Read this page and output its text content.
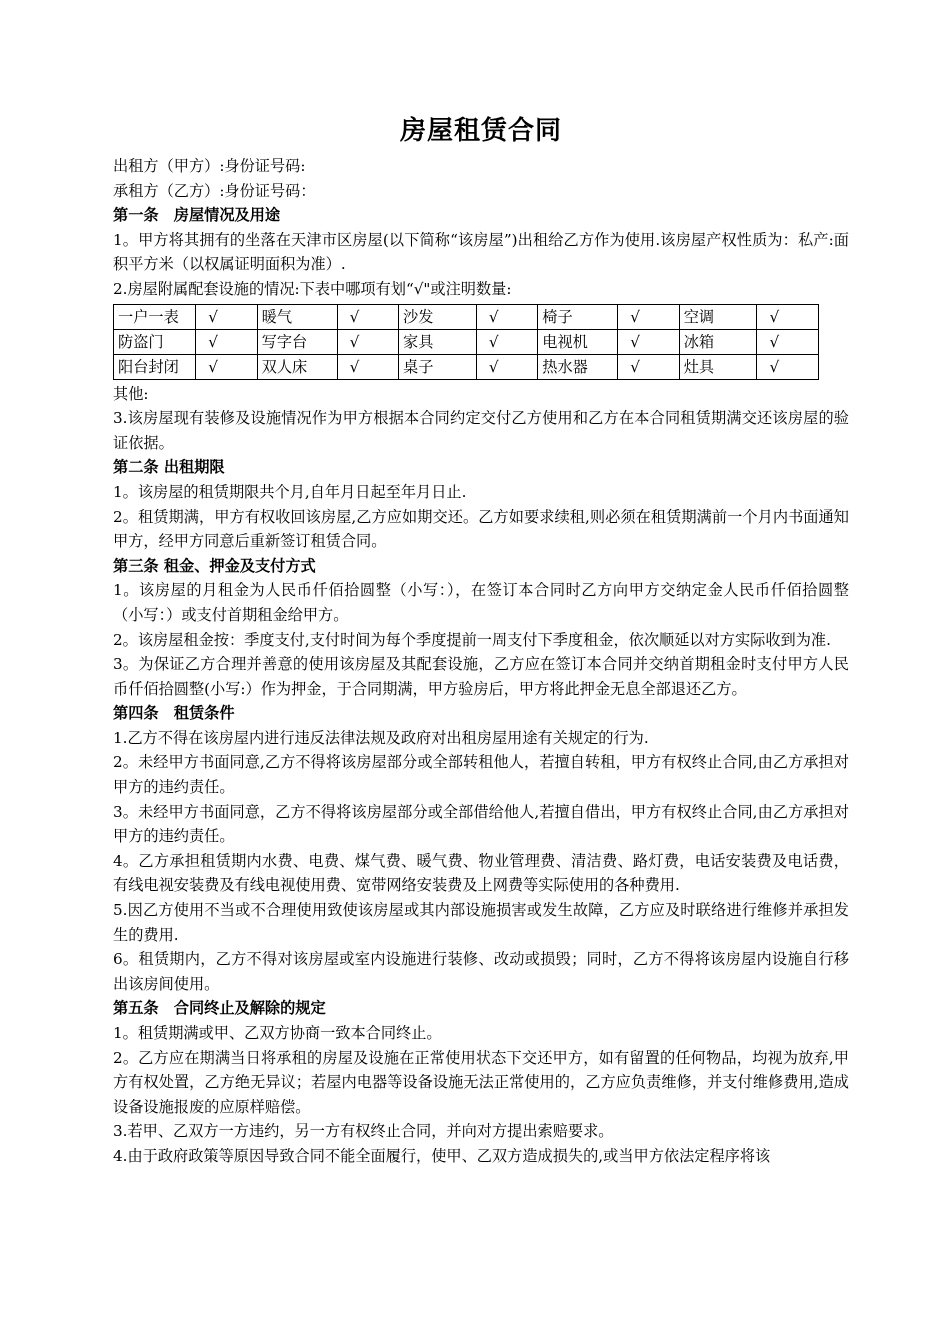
房屋租赁合同

出租方（甲方）:身份证号码:

承租方（乙方）:身份证号码：

第一条　房屋情况及用途

1。甲方将其拥有的坐落在天津市区房屋(以下简称“该房屋”)出租给乙方作为使用.该房屋产权性质为：私产:面积平方米（以权属证明面积为准）.

2.房屋附属配套设施的情况:下表中哪项有划“√"或注明数量:

一户一表	√	暖气	√	沙发	√	椅子	√	空调	√
防盗门	√	写字台	√	家具	√	电视机	√	冰箱	√
阳台封闭	√	双人床	√	桌子	√	热水器	√	灶具	√

其他:

3.该房屋现有装修及设施情况作为甲方根据本合同约定交付乙方使用和乙方在本合同租赁期满交还该房屋的验证依据。

第二条 出租期限

1。该房屋的租赁期限共个月,自年月日起至年月日止.

2。租赁期满，甲方有权收回该房屋,乙方应如期交还。乙方如要求续租,则必须在租赁期满前一个月内书面通知甲方，经甲方同意后重新签订租赁合同。

第三条 租金、押金及支付方式

1。该房屋的月租金为人民币仟佰拾圆整（小写：），在签订本合同时乙方向甲方交纳定金人民币仟佰拾圆整（小写：）或支付首期租金给甲方。

2。该房屋租金按：季度支付,支付时间为每个季度提前一周支付下季度租金，依次顺延以对方实际收到为准.

3。为保证乙方合理并善意的使用该房屋及其配套设施，乙方应在签订本合同并交纳首期租金时支付甲方人民币仟佰拾圆整(小写:）作为押金，于合同期满，甲方验房后，甲方将此押金无息全部退还乙方。

第四条　租赁条件

1.乙方不得在该房屋内进行违反法律法规及政府对出租房屋用途有关规定的行为.

2。未经甲方书面同意,乙方不得将该房屋部分或全部转租他人，若擅自转租，甲方有权终止合同,由乙方承担对甲方的违约责任。

3。未经甲方书面同意，乙方不得将该房屋部分或全部借给他人,若擅自借出，甲方有权终止合同,由乙方承担对甲方的违约责任。

4。乙方承担租赁期内水费、电费、煤气费、暖气费、物业管理费、清洁费、路灯费，电话安装费及电话费，有线电视安装费及有线电视使用费、宽带网络安装费及上网费等实际使用的各种费用.

5.因乙方使用不当或不合理使用致使该房屋或其内部设施损害或发生故障，乙方应及时联络进行维修并承担发生的费用.

6。租赁期内，乙方不得对该房屋或室内设施进行装修、改动或损毁；同时，乙方不得将该房屋内设施自行移出该房间使用。

第五条　合同终止及解除的规定

1。租赁期满或甲、乙双方协商一致本合同终止。

2。乙方应在期满当日将承租的房屋及设施在正常使用状态下交还甲方，如有留置的任何物品，均视为放弃,甲方有权处置，乙方绝无异议；若屋内电器等设备设施无法正常使用的，乙方应负责维修，并支付维修费用,造成设备设施报废的应原样赔偿。

3.若甲、乙双方一方违约，另一方有权终止合同，并向对方提出索赔要求。

4.由于政府政策等原因导致合同不能全面履行，使甲、乙双方造成损失的,或当甲方依法定程序将该
